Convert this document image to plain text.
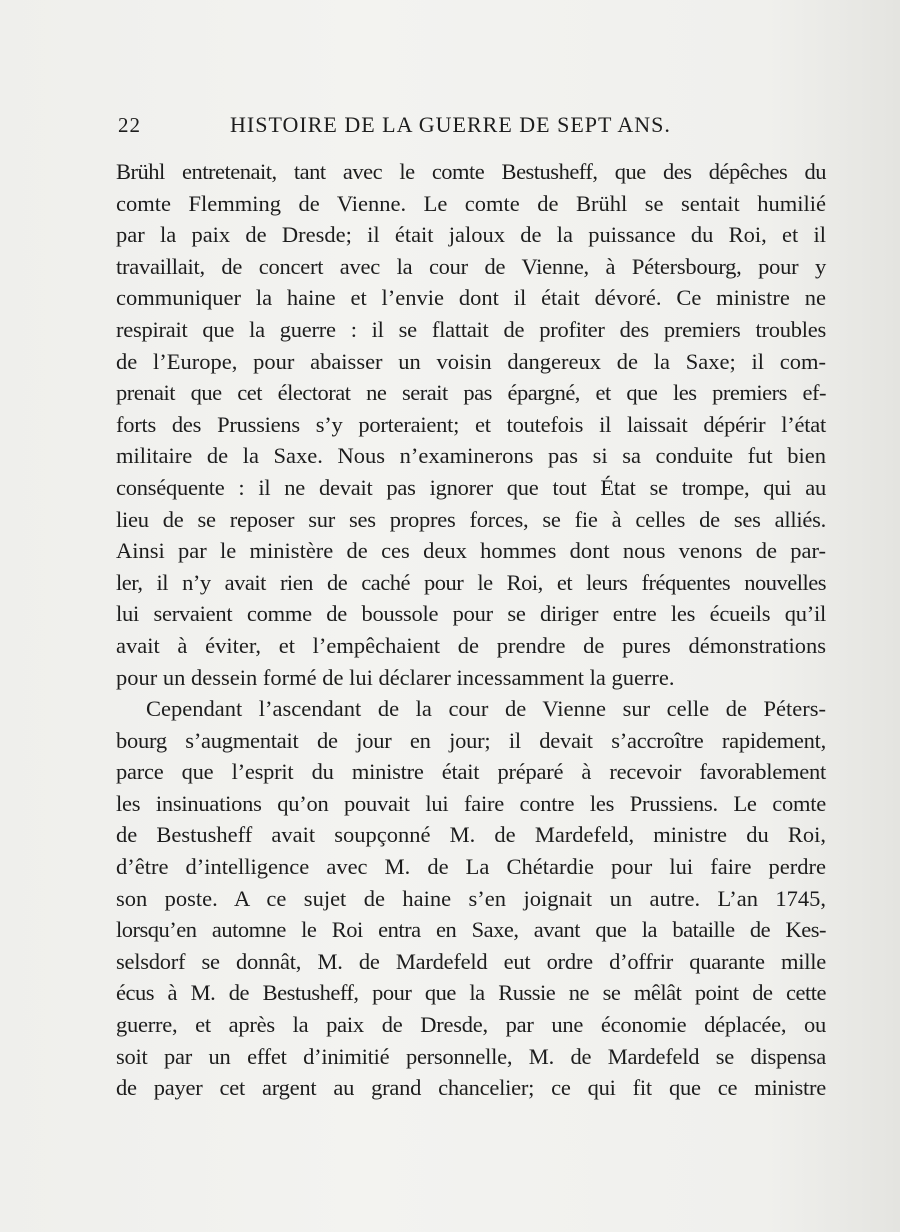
22	HISTOIRE DE LA GUERRE DE SEPT ANS.
Brühl entretenait, tant avec le comte Bestusheff, que des dépêches du
comte Flemming de Vienne. Le comte de Brühl se sentait humilié
par la paix de Dresde; il était jaloux de la puissance du Roi, et il
travaillait, de concert avec la cour de Vienne, à Pétersbourg, pour y
communiquer la haine et l’envie dont il était dévoré. Ce ministre ne
respirait que la guerre : il se flattait de profiter des premiers troubles
de l’Europe, pour abaisser un voisin dangereux de la Saxe; il com-
prenait que cet électorat ne serait pas épargné, et que les premiers ef-
forts des Prussiens s’y porteraient; et toutefois il laissait dépérir l’état
militaire de la Saxe. Nous n’examinerons pas si sa conduite fut bien
conséquente : il ne devait pas ignorer que tout État se trompe, qui au
lieu de se reposer sur ses propres forces, se fie à celles de ses alliés.
Ainsi par le ministère de ces deux hommes dont nous venons de par-
ler, il n’y avait rien de caché pour le Roi, et leurs fréquentes nouvelles
lui servaient comme de boussole pour se diriger entre les écueils qu’il
avait à éviter, et l’empêchaient de prendre de pures démonstrations
pour un dessein formé de lui déclarer incessamment la guerre.
Cependant l’ascendant de la cour de Vienne sur celle de Péters-
bourg s’augmentait de jour en jour; il devait s’accroître rapidement,
parce que l’esprit du ministre était préparé à recevoir favorablement
les insinuations qu’on pouvait lui faire contre les Prussiens. Le comte
de Bestusheff avait soupçonné M. de Mardefeld, ministre du Roi,
d’être d’intelligence avec M. de La Chétardie pour lui faire perdre
son poste. A ce sujet de haine s’en joignait un autre. L’an 1745,
lorsqu’en automne le Roi entra en Saxe, avant que la bataille de Kes-
selsdorf se donnât, M. de Mardefeld eut ordre d’offrir quarante mille
écus à M. de Bestusheff, pour que la Russie ne se mêlât point de cette
guerre, et après la paix de Dresde, par une économie déplacée, ou
soit par un effet d’inimitié personnelle, M. de Mardefeld se dispensa
de payer cet argent au grand chancelier; ce qui fit que ce ministre
